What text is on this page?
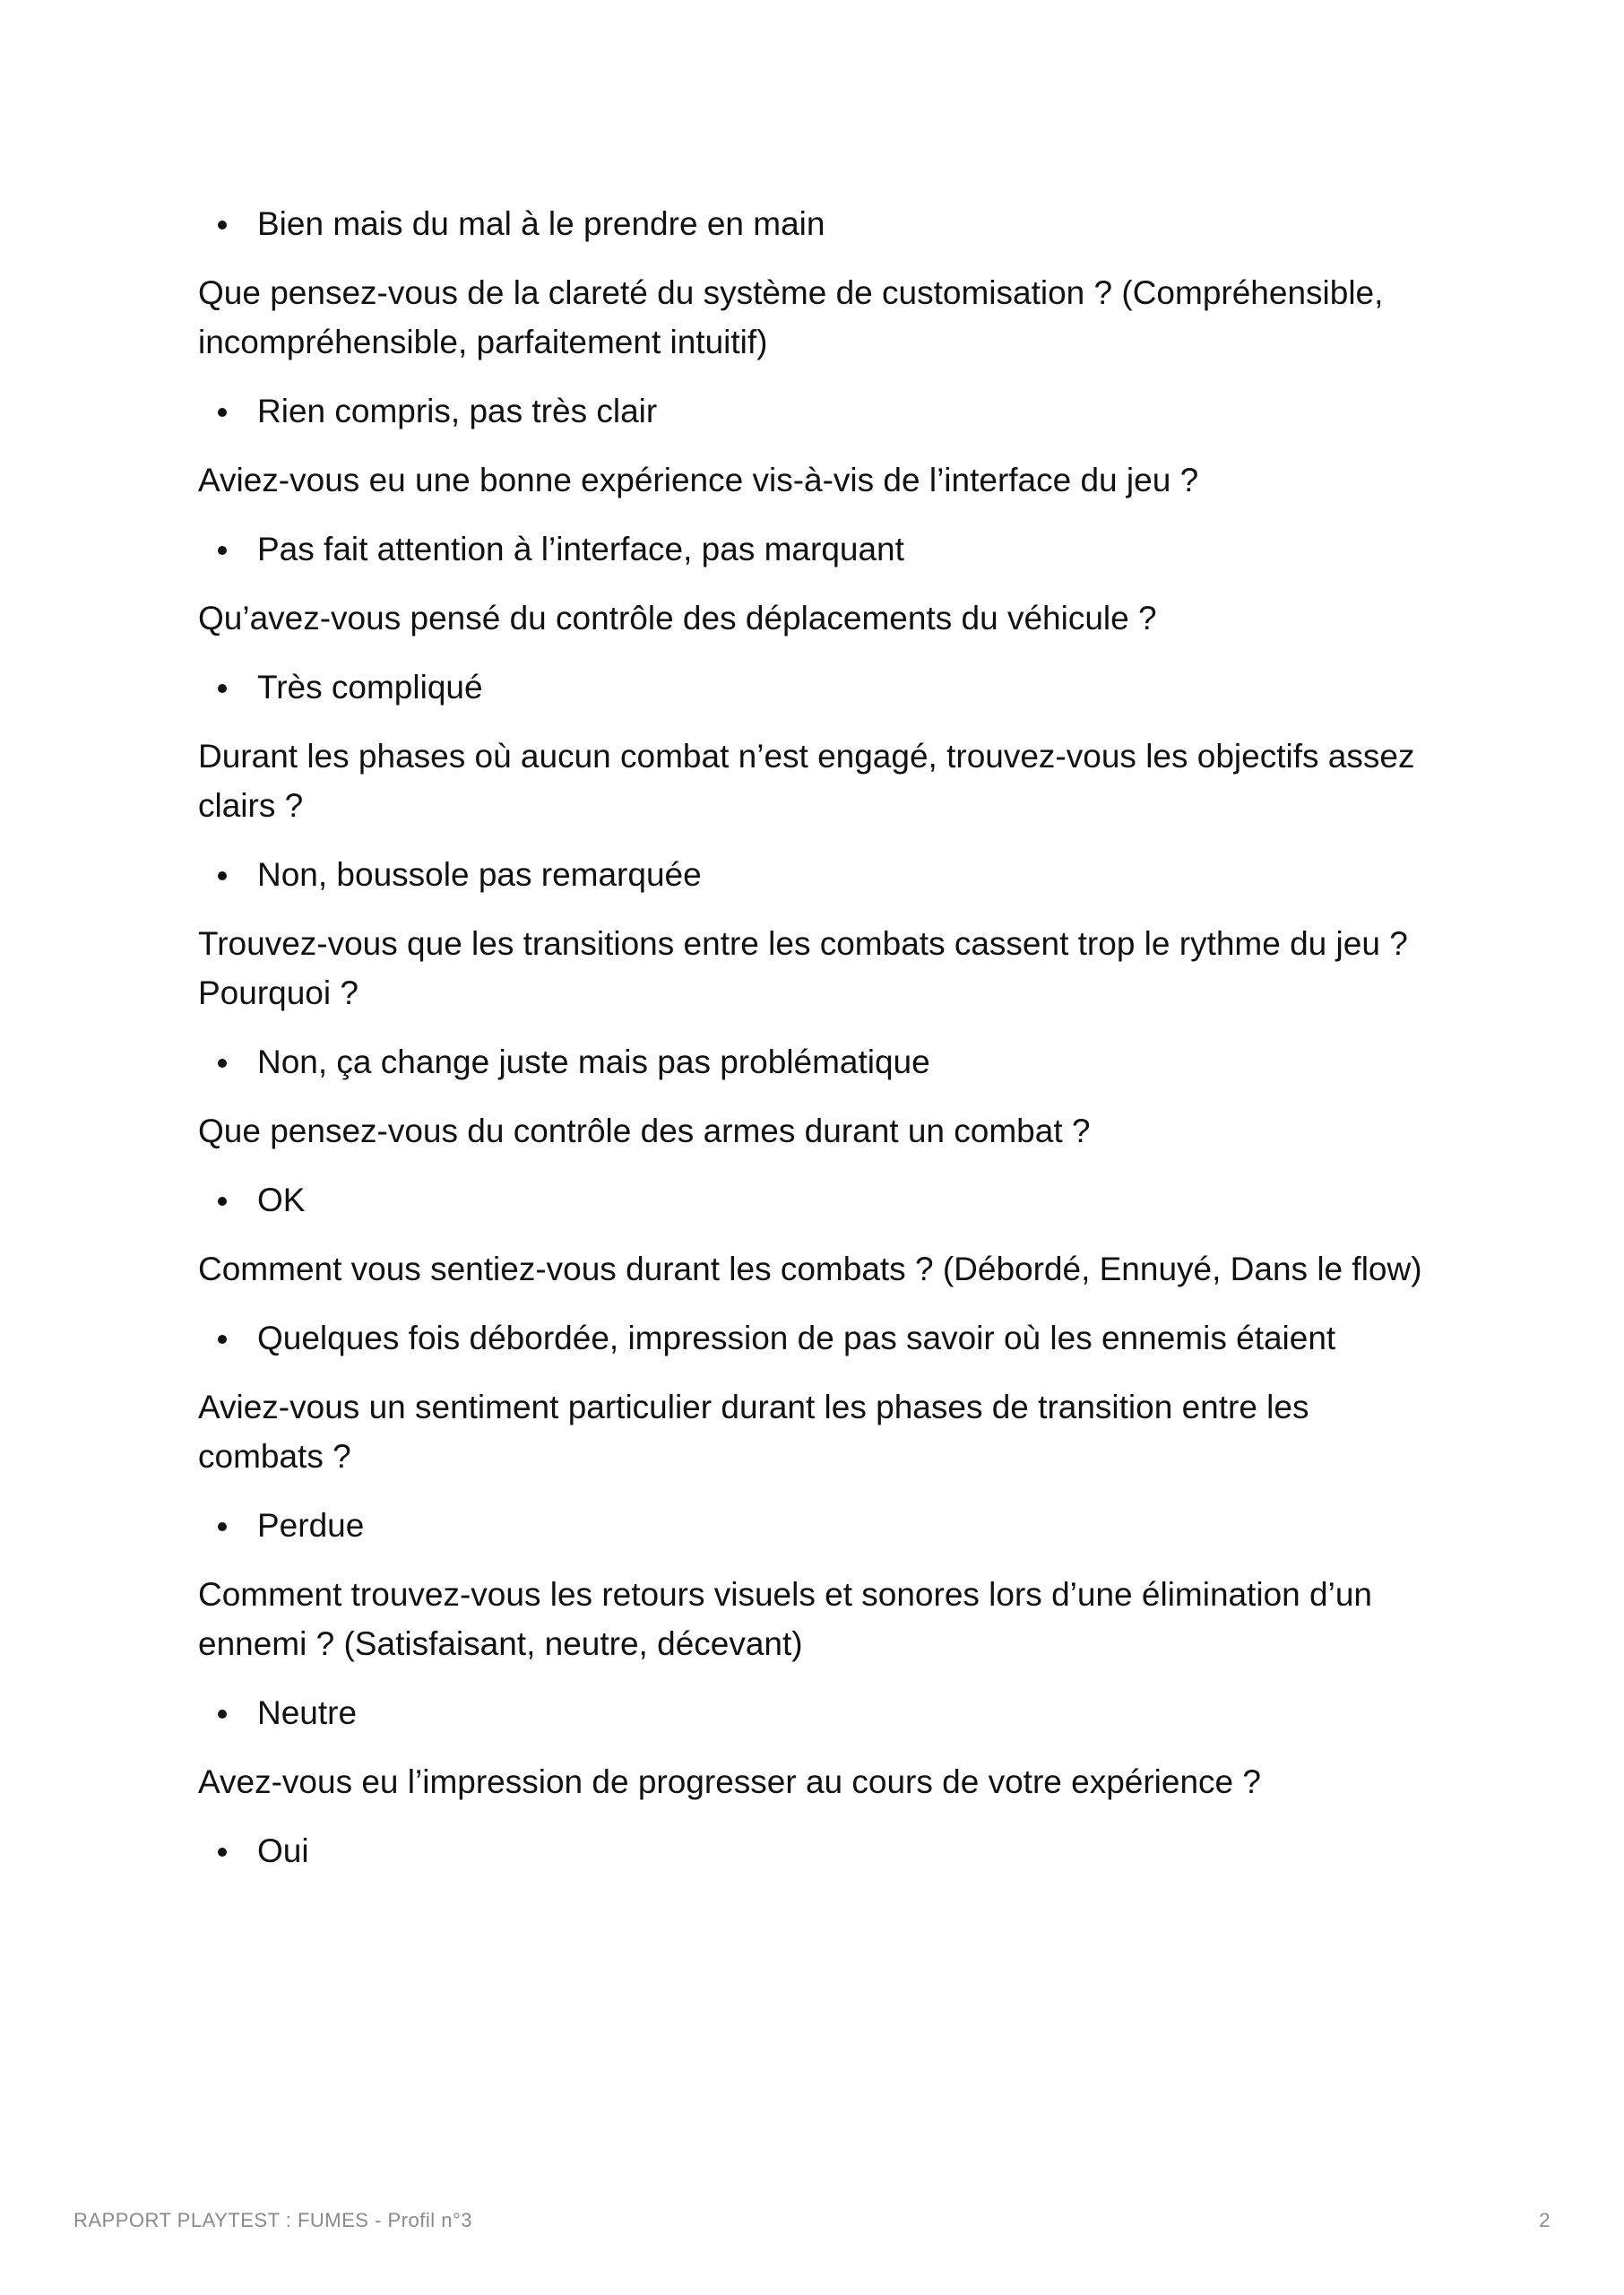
Bien mais du mal à le prendre en main

Que pensez-vous de la clareté du système de customisation ? (Compréhensible, incompréhensible, parfaitement intuitif)

Rien compris, pas très clair

Aviez-vous eu une bonne expérience vis-à-vis de l’interface du jeu ?

Pas fait attention à l’interface, pas marquant

Qu’avez-vous pensé du contrôle des déplacements du véhicule ?

Très compliqué

Durant les phases où aucun combat n’est engagé, trouvez-vous les objectifs assez clairs ?

Non, boussole pas remarquée

Trouvez-vous que les transitions entre les combats cassent trop le rythme du jeu ? Pourquoi ?

Non, ça change juste mais pas problématique

Que pensez-vous du contrôle des armes durant un combat ?

OK

Comment vous sentiez-vous durant les combats ? (Débordé, Ennuyé, Dans le flow)

Quelques fois débordée, impression de pas savoir où les ennemis étaient

Aviez-vous un sentiment particulier durant les phases de transition entre les combats ?

Perdue

Comment trouvez-vous les retours visuels et sonores lors d’une élimination d’un ennemi ? (Satisfaisant, neutre, décevant)

Neutre

Avez-vous eu l’impression de progresser au cours de votre expérience ?

Oui
RAPPORT PLAYTEST : FUMES - Profil n°3	2
